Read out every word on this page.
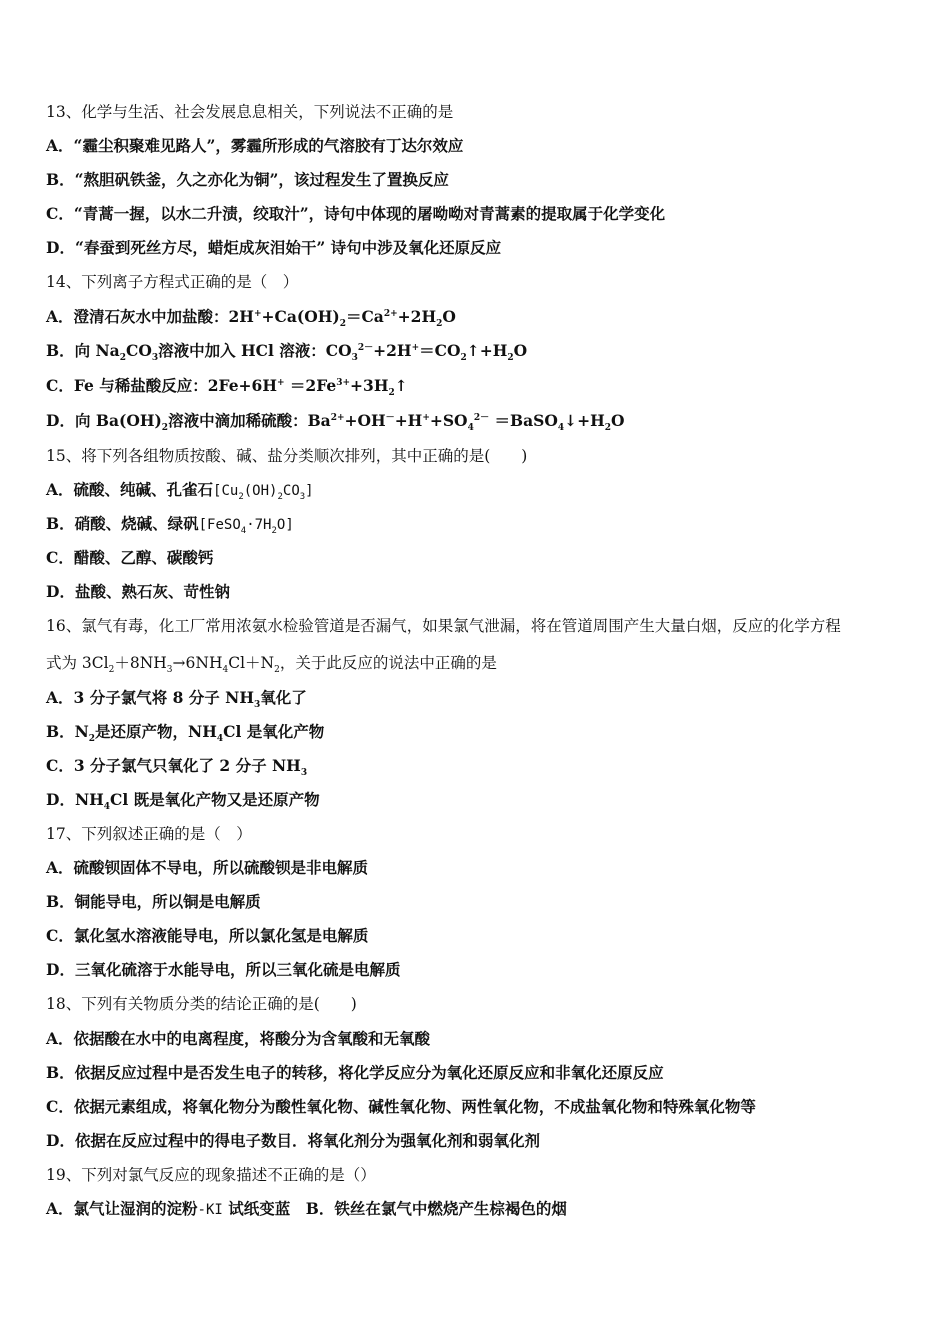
13、化学与生活、社会发展息息相关，下列说法不正确的是
A．“霾尘积聚难见路人”，雾霾所形成的气溶胶有丁达尔效应
B．“熬胆矾铁釜，久之亦化为铜”，该过程发生了置换反应
C．“青蒿一握，以水二升渍，绞取汁”，诗句中体现的屠呦呦对青蒿素的提取属于化学变化
D．“春蚕到死丝方尽，蜡炬成灰泪始干” 诗句中涉及氧化还原反应
14、下列离子方程式正确的是（　）
A．澄清石灰水中加盐酸：$2H^++Ca(OH)_2=Ca^{2+}+2H_2O$
B．向 $Na_2CO_3$溶液中加入 HCl 溶液：$CO_3^{2-}+2H^+=CO_2↑+H_2O$
C．Fe 与稀盐酸反应：$2Fe+6H^+ =2Fe^{3+}+3H_2↑$
D．向 $Ba(OH)_2$溶液中滴加稀硫酸：$Ba^{2+}+OH^-+H^++SO_4^{2-}$ $=BaSO_4↓+H_2O$
15、将下列各组物质按酸、碱、盐分类顺次排列，其中正确的是(　　)
A．硫酸、纯碱、孔雀石$[Cu_2(OH)_2CO_3]$
B．硝酸、烧碱、绿矾$[FeSO_4\cdot 7H_2O]$
C．醋酸、乙醇、碳酸钙
D．盐酸、熟石灰、苛性钠
16、氯气有毒，化工厂常用浓氨水检验管道是否漏气，如果氯气泄漏，将在管道周围产生大量白烟，反应的化学方程
式为 $3Cl_2+8NH_3\to 6NH_4Cl+N_2$，关于此反应的说法中正确的是
A．3 分子氯气将 8 分子 $NH_3$氧化了
B．$N_2$是还原产物，$NH_4Cl$ 是氧化产物
C．3 分子氯气只氧化了 2 分子 $NH_3$
D．$NH_4Cl$ 既是氧化产物又是还原产物
17、下列叙述正确的是（　）
A．硫酸钡固体不导电，所以硫酸钡是非电解质
B．铜能导电，所以铜是电解质
C．氯化氢水溶液能导电，所以氯化氢是电解质
D．三氧化硫溶于水能导电，所以三氧化硫是电解质
18、下列有关物质分类的结论正确的是(　　)
A．依据酸在水中的电离程度，将酸分为含氧酸和无氧酸
B．依据反应过程中是否发生电子的转移，将化学反应分为氧化还原反应和非氧化还原反应
C．依据元素组成，将氧化物分为酸性氧化物、碱性氧化物、两性氧化物，不成盐氧化物和特殊氧化物等
D．依据在反应过程中的得电子数目．将氧化剂分为强氧化剂和弱氧化剂
19、下列对氯气反应的现象描述不正确的是（）
A．氯气让湿润的淀粉-KI 试纸变蓝　B．铁丝在氯气中燃烧产生棕褐色的烟
